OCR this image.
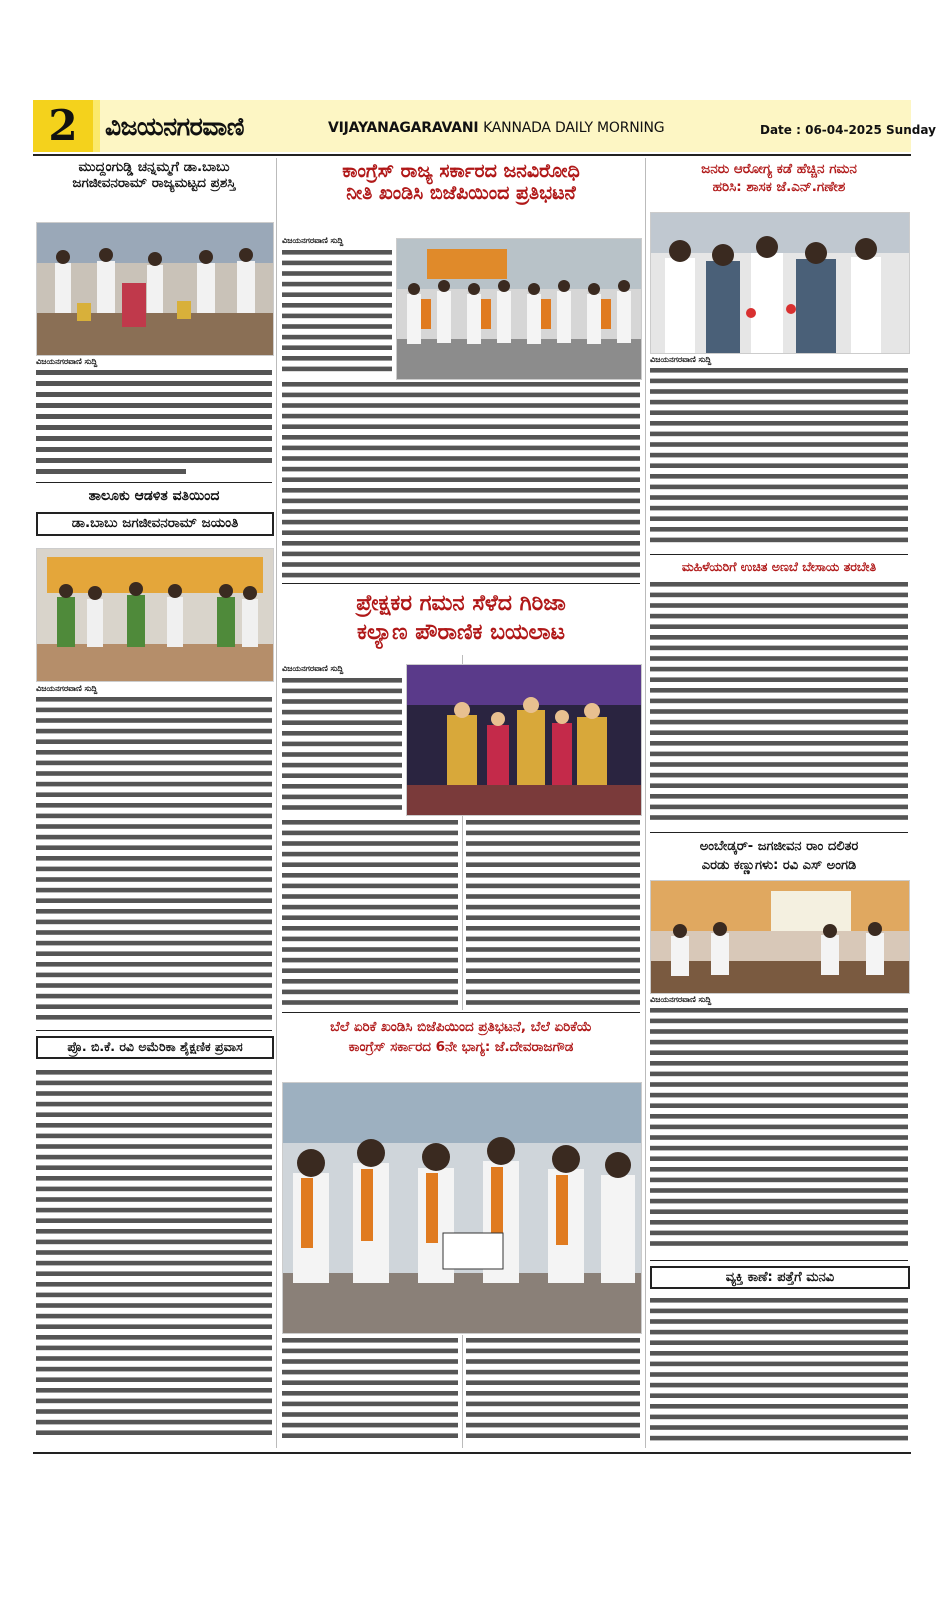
2	ವಿಜಯನಗರವಾಣಿ	VIJAYANAGARAVANI KANNADA DAILY MORNING	Date : 06-04-2025 Sunday
ಮುದ್ದಂಗುಡ್ಡಿ ಚನ್ನಮ್ಮಗೆ ಡಾ.ಬಾಬು
ಜಗಜೀವನರಾಮ್ ರಾಜ್ಯಮಟ್ಟದ ಪ್ರಶಸ್ತಿ
ವಿಜಯನಗರವಾಣಿ ಸುದ್ದಿ
ತಾಲೂಕು ಆಡಳಿತ ವತಿಯಿಂದ
ಡಾ.ಬಾಬು ಜಗಜೀವನರಾಮ್ ಜಯಂತಿ
ವಿಜಯನಗರವಾಣಿ ಸುದ್ದಿ
ಪ್ರೊ. ಬಿ.ಕೆ. ರವಿ ಅಮೆರಿಕಾ ಶೈಕ್ಷಣಿಕ ಪ್ರವಾಸ
ಕಾಂಗ್ರೆಸ್ ರಾಜ್ಯ ಸರ್ಕಾರದ ಜನವಿರೋಧಿ
ನೀತಿ ಖಂಡಿಸಿ ಬಿಜೆಪಿಯಿಂದ ಪ್ರತಿಭಟನೆ
ವಿಜಯನಗರವಾಣಿ ಸುದ್ದಿ
ಪ್ರೇಕ್ಷಕರ ಗಮನ ಸೆಳೆದ ಗಿರಿಜಾ
ಕಲ್ಯಾಣ ಪೌರಾಣಿಕ ಬಯಲಾಟ
ವಿಜಯನಗರವಾಣಿ ಸುದ್ದಿ
ಬೆಲೆ ಏರಿಕೆ ಖಂಡಿಸಿ ಬಿಜೆಪಿಯಿಂದ ಪ್ರತಿಭಟನೆ, ಬೆಲೆ ಏರಿಕೆಯೆ
ಕಾಂಗ್ರೆಸ್ ಸರ್ಕಾರದ 6ನೇ ಭಾಗ್ಯ: ಜೆ.ದೇವರಾಜಗೌಡ
ಜನರು ಆರೋಗ್ಯ ಕಡೆ ಹೆಚ್ಚಿನ ಗಮನ
ಹರಿಸಿ: ಶಾಸಕ ಜೆ.ಎನ್.ಗಣೇಶ
ವಿಜಯನಗರವಾಣಿ ಸುದ್ದಿ
ಮಹಿಳೆಯರಿಗೆ ಉಚಿತ ಅಣಬೆ ಬೇಸಾಯ ತರಬೇತಿ
ಅಂಬೇಡ್ಕರ್- ಜಗಜೀವನ ರಾಂ ದಲಿತರ
ಎರಡು ಕಣ್ಣುಗಳು: ರವಿ ಎಸ್ ಅಂಗಡಿ
ವಿಜಯನಗರವಾಣಿ ಸುದ್ದಿ
ವ್ಯಕ್ತಿ ಕಾಣೆ: ಪತ್ತೆಗೆ ಮನವಿ
